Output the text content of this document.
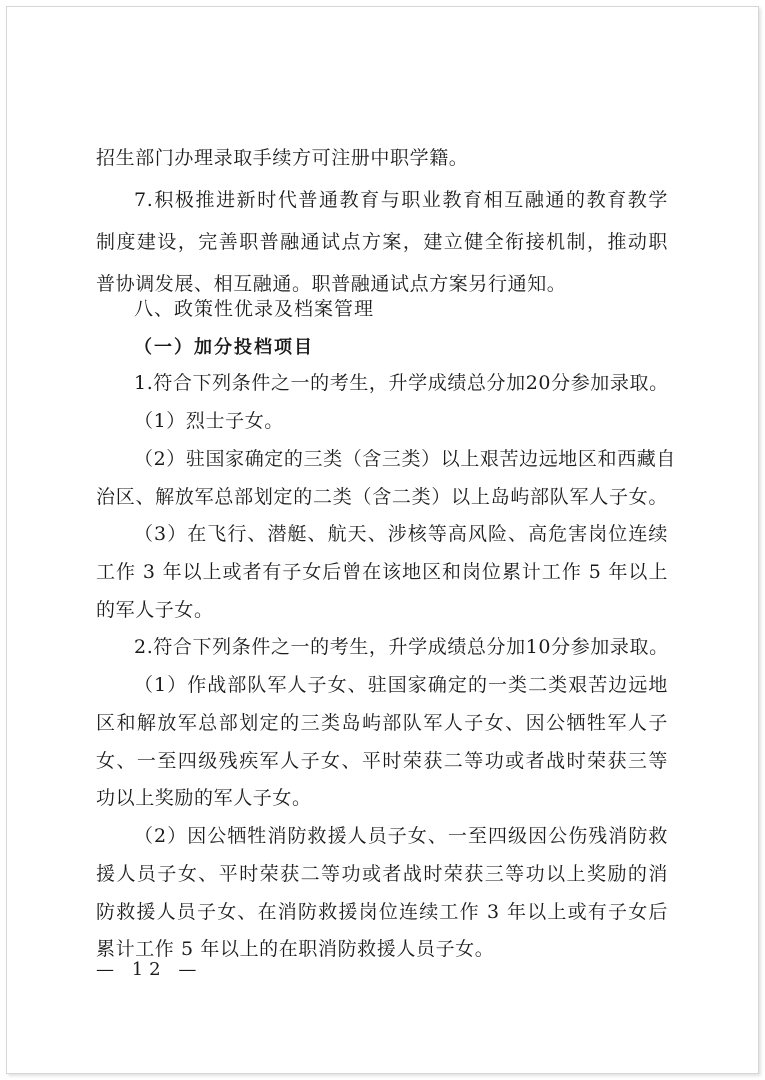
招生部门办理录取手续方可注册中职学籍。
7.积极推进新时代普通教育与职业教育相互融通的教育教学
制度建设，完善职普融通试点方案，建立健全衔接机制，推动职
普协调发展、相互融通。职普融通试点方案另行通知。
八、政策性优录及档案管理
（一）加分投档项目
1.符合下列条件之一的考生，升学成绩总分加20分参加录取。
（1）烈士子女。
（2）驻国家确定的三类（含三类）以上艰苦边远地区和西藏自
治区、解放军总部划定的二类（含二类）以上岛屿部队军人子女。
（3）在飞行、潜艇、航天、涉核等高风险、高危害岗位连续
工作 3 年以上或者有子女后曾在该地区和岗位累计工作 5 年以上
的军人子女。
2.符合下列条件之一的考生，升学成绩总分加10分参加录取。
（1）作战部队军人子女、驻国家确定的一类二类艰苦边远地
区和解放军总部划定的三类岛屿部队军人子女、因公牺牲军人子
女、一至四级残疾军人子女、平时荣获二等功或者战时荣获三等
功以上奖励的军人子女。
（2）因公牺牲消防救援人员子女、一至四级因公伤残消防救
援人员子女、平时荣获二等功或者战时荣获三等功以上奖励的消
防救援人员子女、在消防救援岗位连续工作 3 年以上或有子女后
累计工作 5 年以上的在职消防救援人员子女。
— 12 —
